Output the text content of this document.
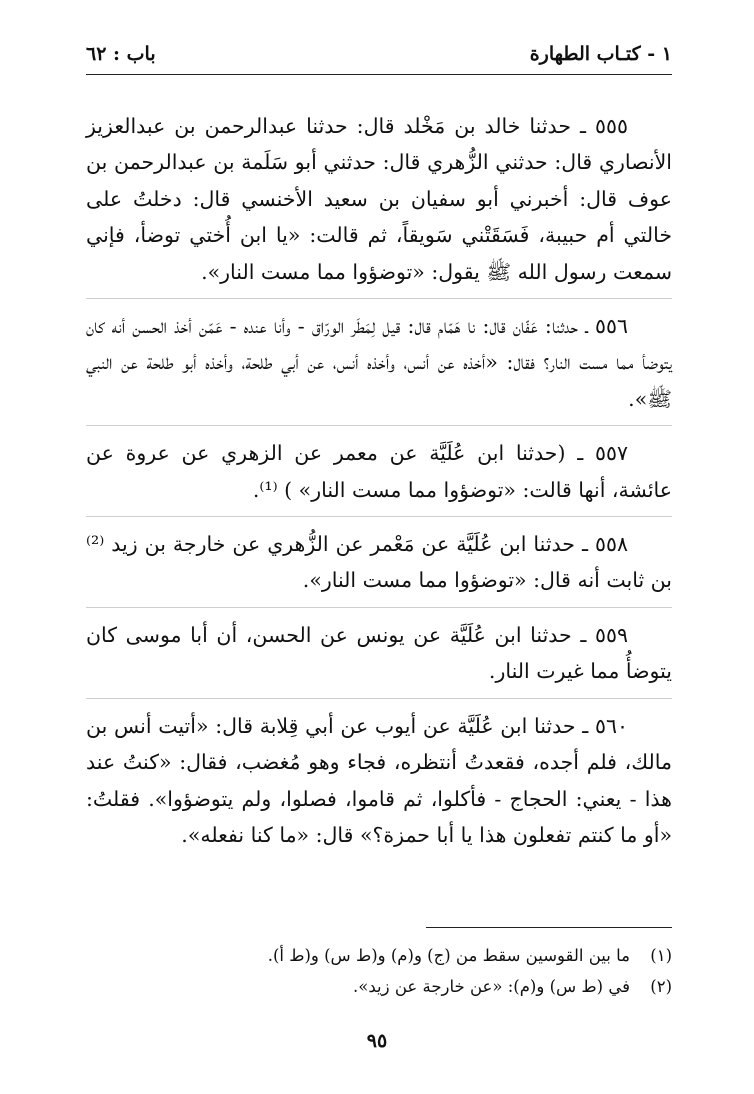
١ - كتـاب الطهارة
باب : ٦٢

٥٥٥ ـ حدثنا خالد بن مَخْلد قال: حدثنا عبدالرحمن بن عبدالعزيز الأنصاري قال: حدثني الزُّهري قال: حدثني أبو سَلَمة بن عبدالرحمن بن عوف قال: أخبرني أبو سفيان بن سعيد الأخنسي قال: دخلتُ على خالتي أم حبيبة، فَسَقَتْني سَويقاً، ثم قالت: «يا ابن أُختي توضأ، فإني سمعت رسول الله ﷺ يقول: «توضؤوا مما مست النار».

٥٥٦ ـ حدثنا: عَفّان قال: نا هَمّام قال: قيل لِمَطَر الورّاق - وأنا عنده - عَمّن أخذ الحسن أنه كان يتوضأ مما مست النار؟ فقال: «أخذه عن أنس، وأخذه أنس، عن أبي طلحة، وأخذه أبو طلحة عن النبي ﷺ».

٥٥٧ ـ (حدثنا ابن عُلَيَّة عن معمر عن الزهري عن عروة عن عائشة، أنها قالت: «توضؤوا مما مست النار» ) ⁽¹⁾.

٥٥٨ ـ حدثنا ابن عُلَيَّة عن مَعْمر عن الزُّهري عن خارجة بن زيد ⁽²⁾ بن ثابت أنه قال: «توضؤوا مما مست النار».

٥٥٩ ـ حدثنا ابن عُلَيَّة عن يونس عن الحسن، أن أبا موسى كان يتوضأُ مما غيرت النار.

٥٦٠ ـ حدثنا ابن عُلَيَّة عن أيوب عن أبي قِلابة قال: «أتيت أنس بن مالك، فلم أجده، فقعدتُ أنتظره، فجاء وهو مُغضب، فقال: «كنتُ عند هذا - يعني: الحجاج - فأكلوا، ثم قاموا، فصلوا، ولم يتوضؤوا». فقلتُ: «أو ما كنتم تفعلون هذا يا أبا حمزة؟» قال: «ما كنا نفعله».

(١)
ما بين القوسين سقط من (ج) و(م) و(ط س) و(ط أ).
(٢)
في (ط س) و(م): «عن خارجة عن زيد».
٩٥
